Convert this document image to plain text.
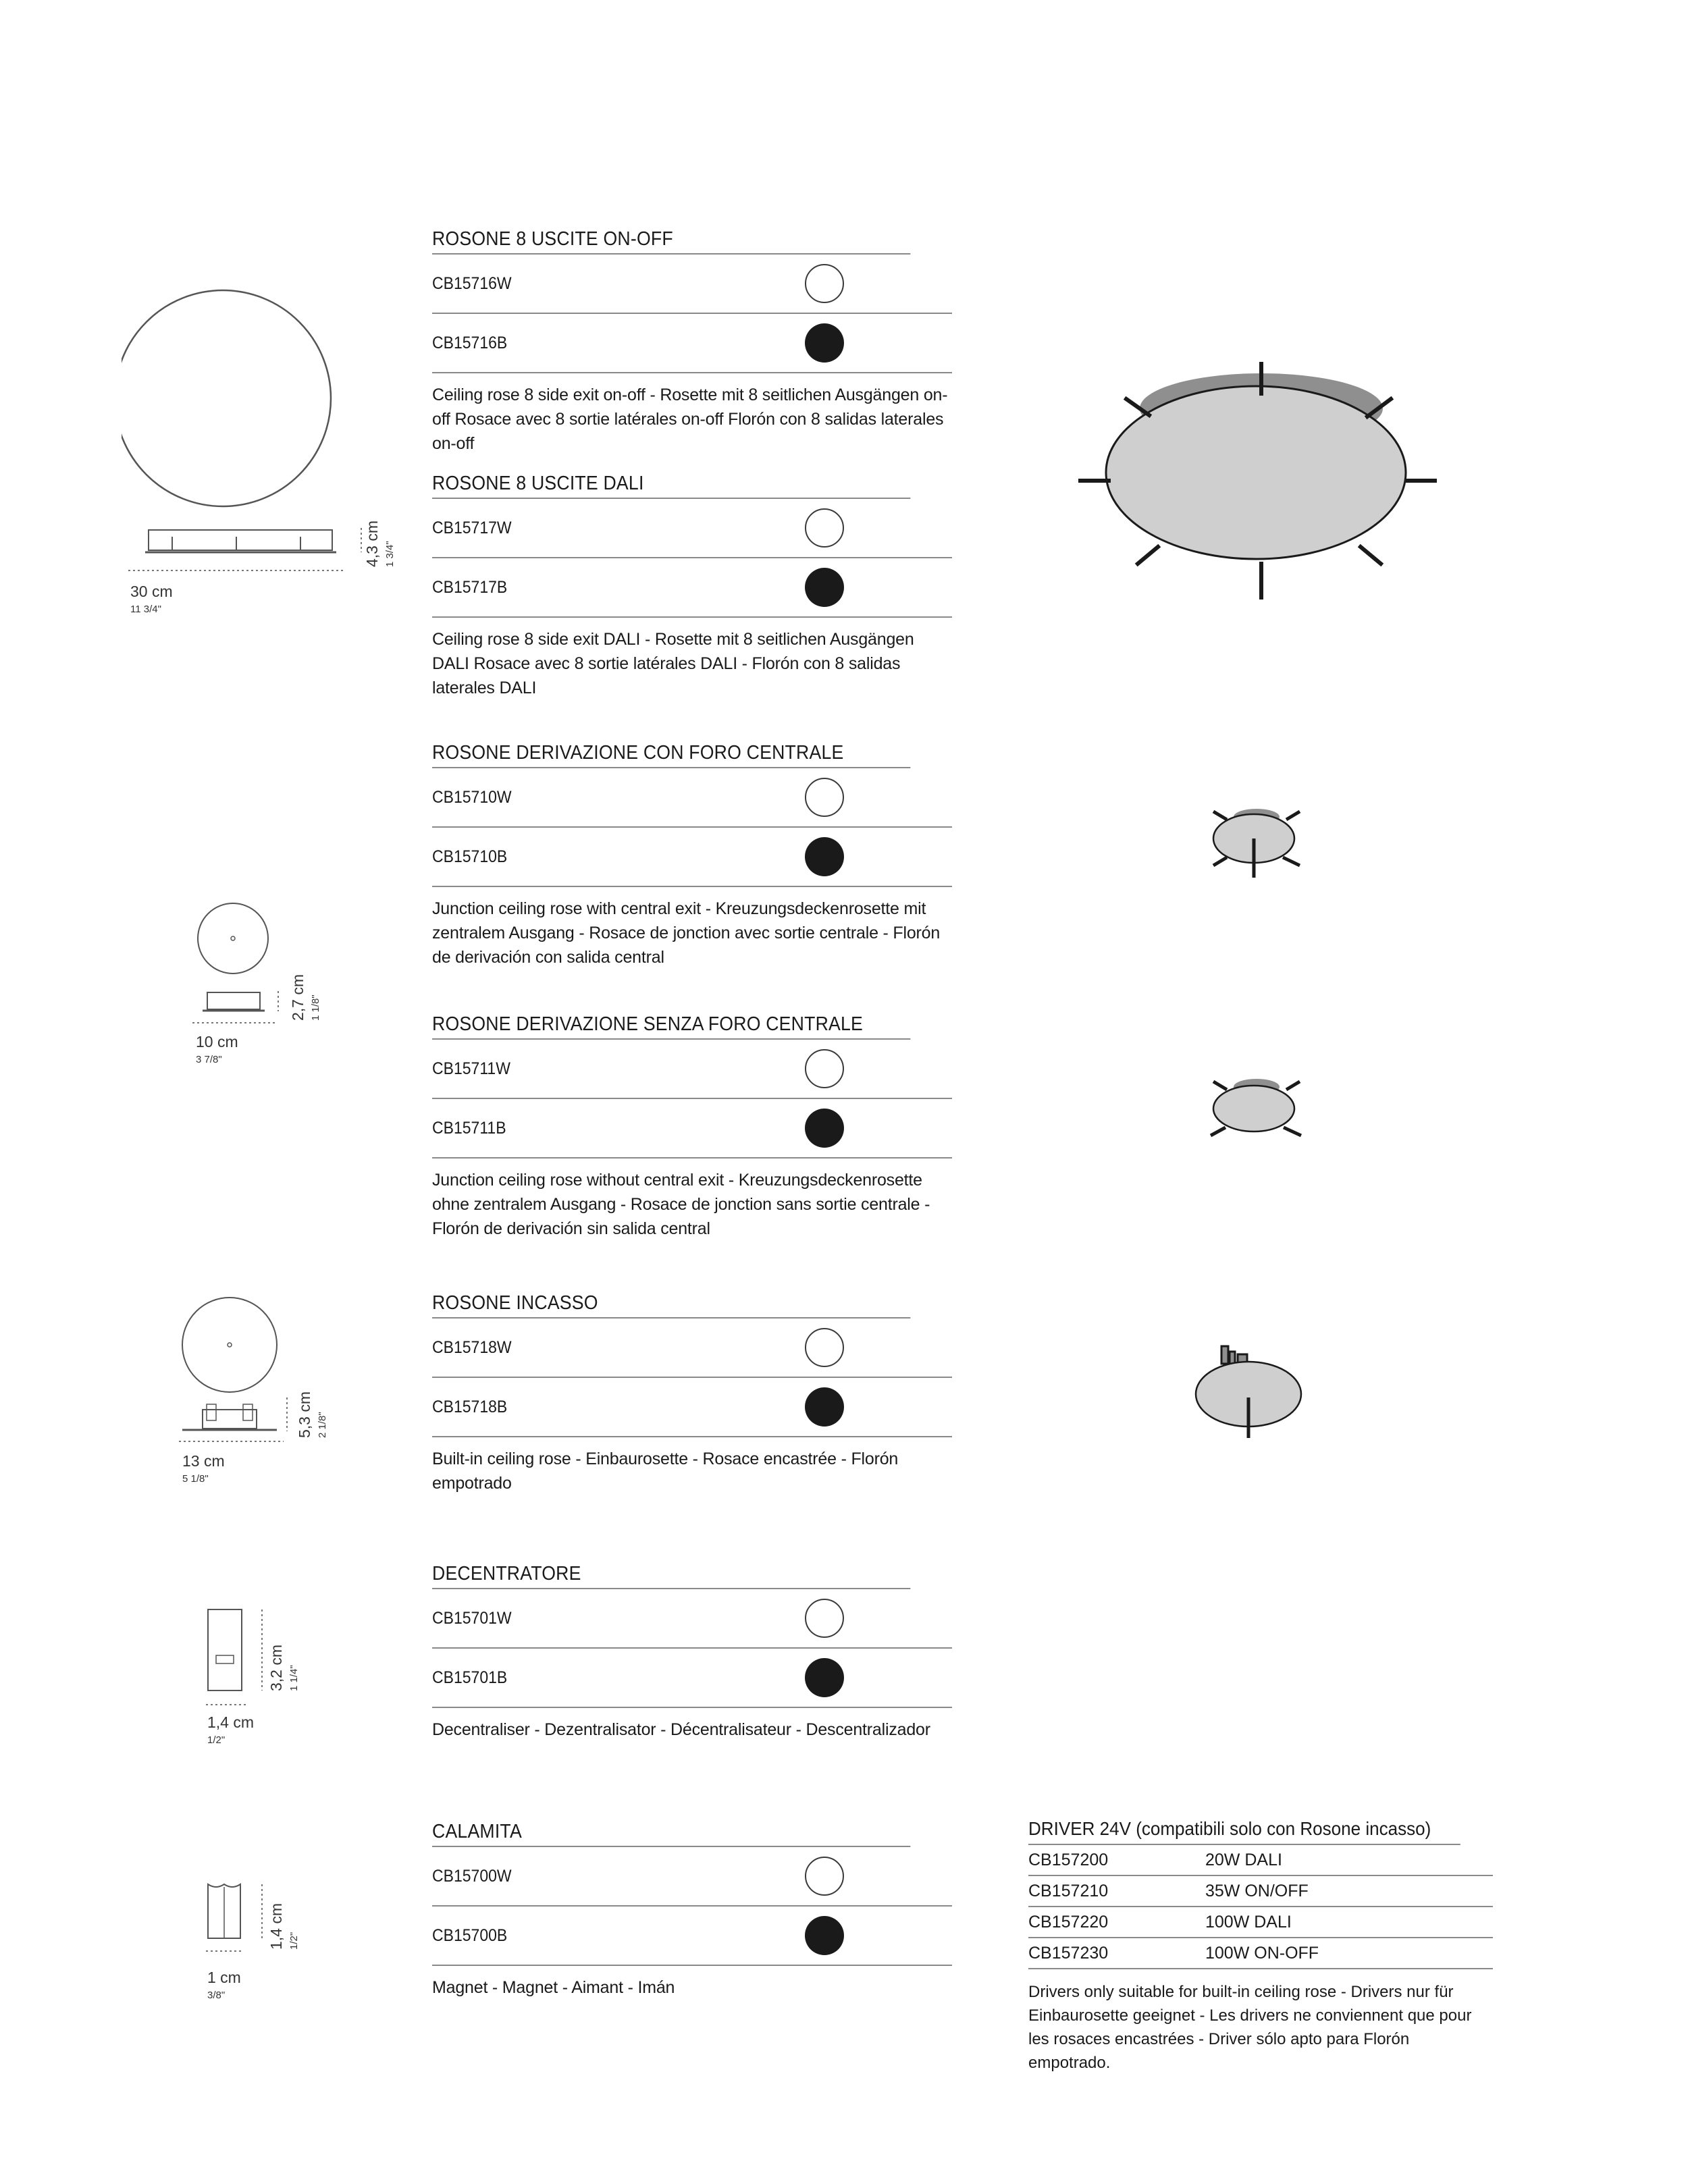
ROSONE 8 USCITE ON-OFF
CB15716W
CB15716B
Ceiling rose 8 side exit on-off - Rosette mit 8 seitlichen Ausgängen on-off Rosace avec 8 sortie latérales on-off Florón con 8 salidas laterales on-off
ROSONE 8 USCITE DALI
CB15717W
CB15717B
Ceiling rose 8 side exit DALI - Rosette mit 8 seitlichen Ausgängen DALI Rosace avec 8 sortie latérales DALI - Florón con 8 salidas laterales DALI
ROSONE DERIVAZIONE CON FORO CENTRALE
CB15710W
CB15710B
Junction ceiling rose with central exit - Kreuzungsdeckenrosette mit zentralem Ausgang - Rosace de jonction avec sortie centrale - Florón de derivación con salida central
ROSONE DERIVAZIONE SENZA FORO CENTRALE
CB15711W
CB15711B
Junction ceiling rose without central exit - Kreuzungsdeckenrosette ohne zentralem Ausgang - Rosace de jonction sans sortie centrale - Florón de derivación sin salida central
ROSONE INCASSO
CB15718W
CB15718B
Built-in ceiling rose - Einbaurosette - Rosace encastrée - Florón empotrado
DECENTRATORE
CB15701W
CB15701B
Decentraliser - Dezentralisator - Décentralisateur - Descentralizador
CALAMITA
CB15700W
CB15700B
Magnet - Magnet - Aimant - Imán
30 cm
11 3/4"
4,3 cm 1 3/4"
10 cm
3 7/8"
2,7 cm 1 1/8"
13 cm
5 1/8"
5,3 cm 2 1/8"
1,4 cm
1/2"
3,2 cm 1 1/4"
1 cm
3/8"
1,4 cm 1/2"
DRIVER 24V (compatibili solo con Rosone incasso)
CB157200	20W DALI
CB157210	35W ON/OFF
CB157220	100W DALI
CB157230	100W ON-OFF
Drivers only suitable for built-in ceiling rose - Drivers nur für Einbaurosette geeignet - Les drivers ne conviennent que pour les rosaces encastrées - Driver sólo apto para Florón empotrado.
